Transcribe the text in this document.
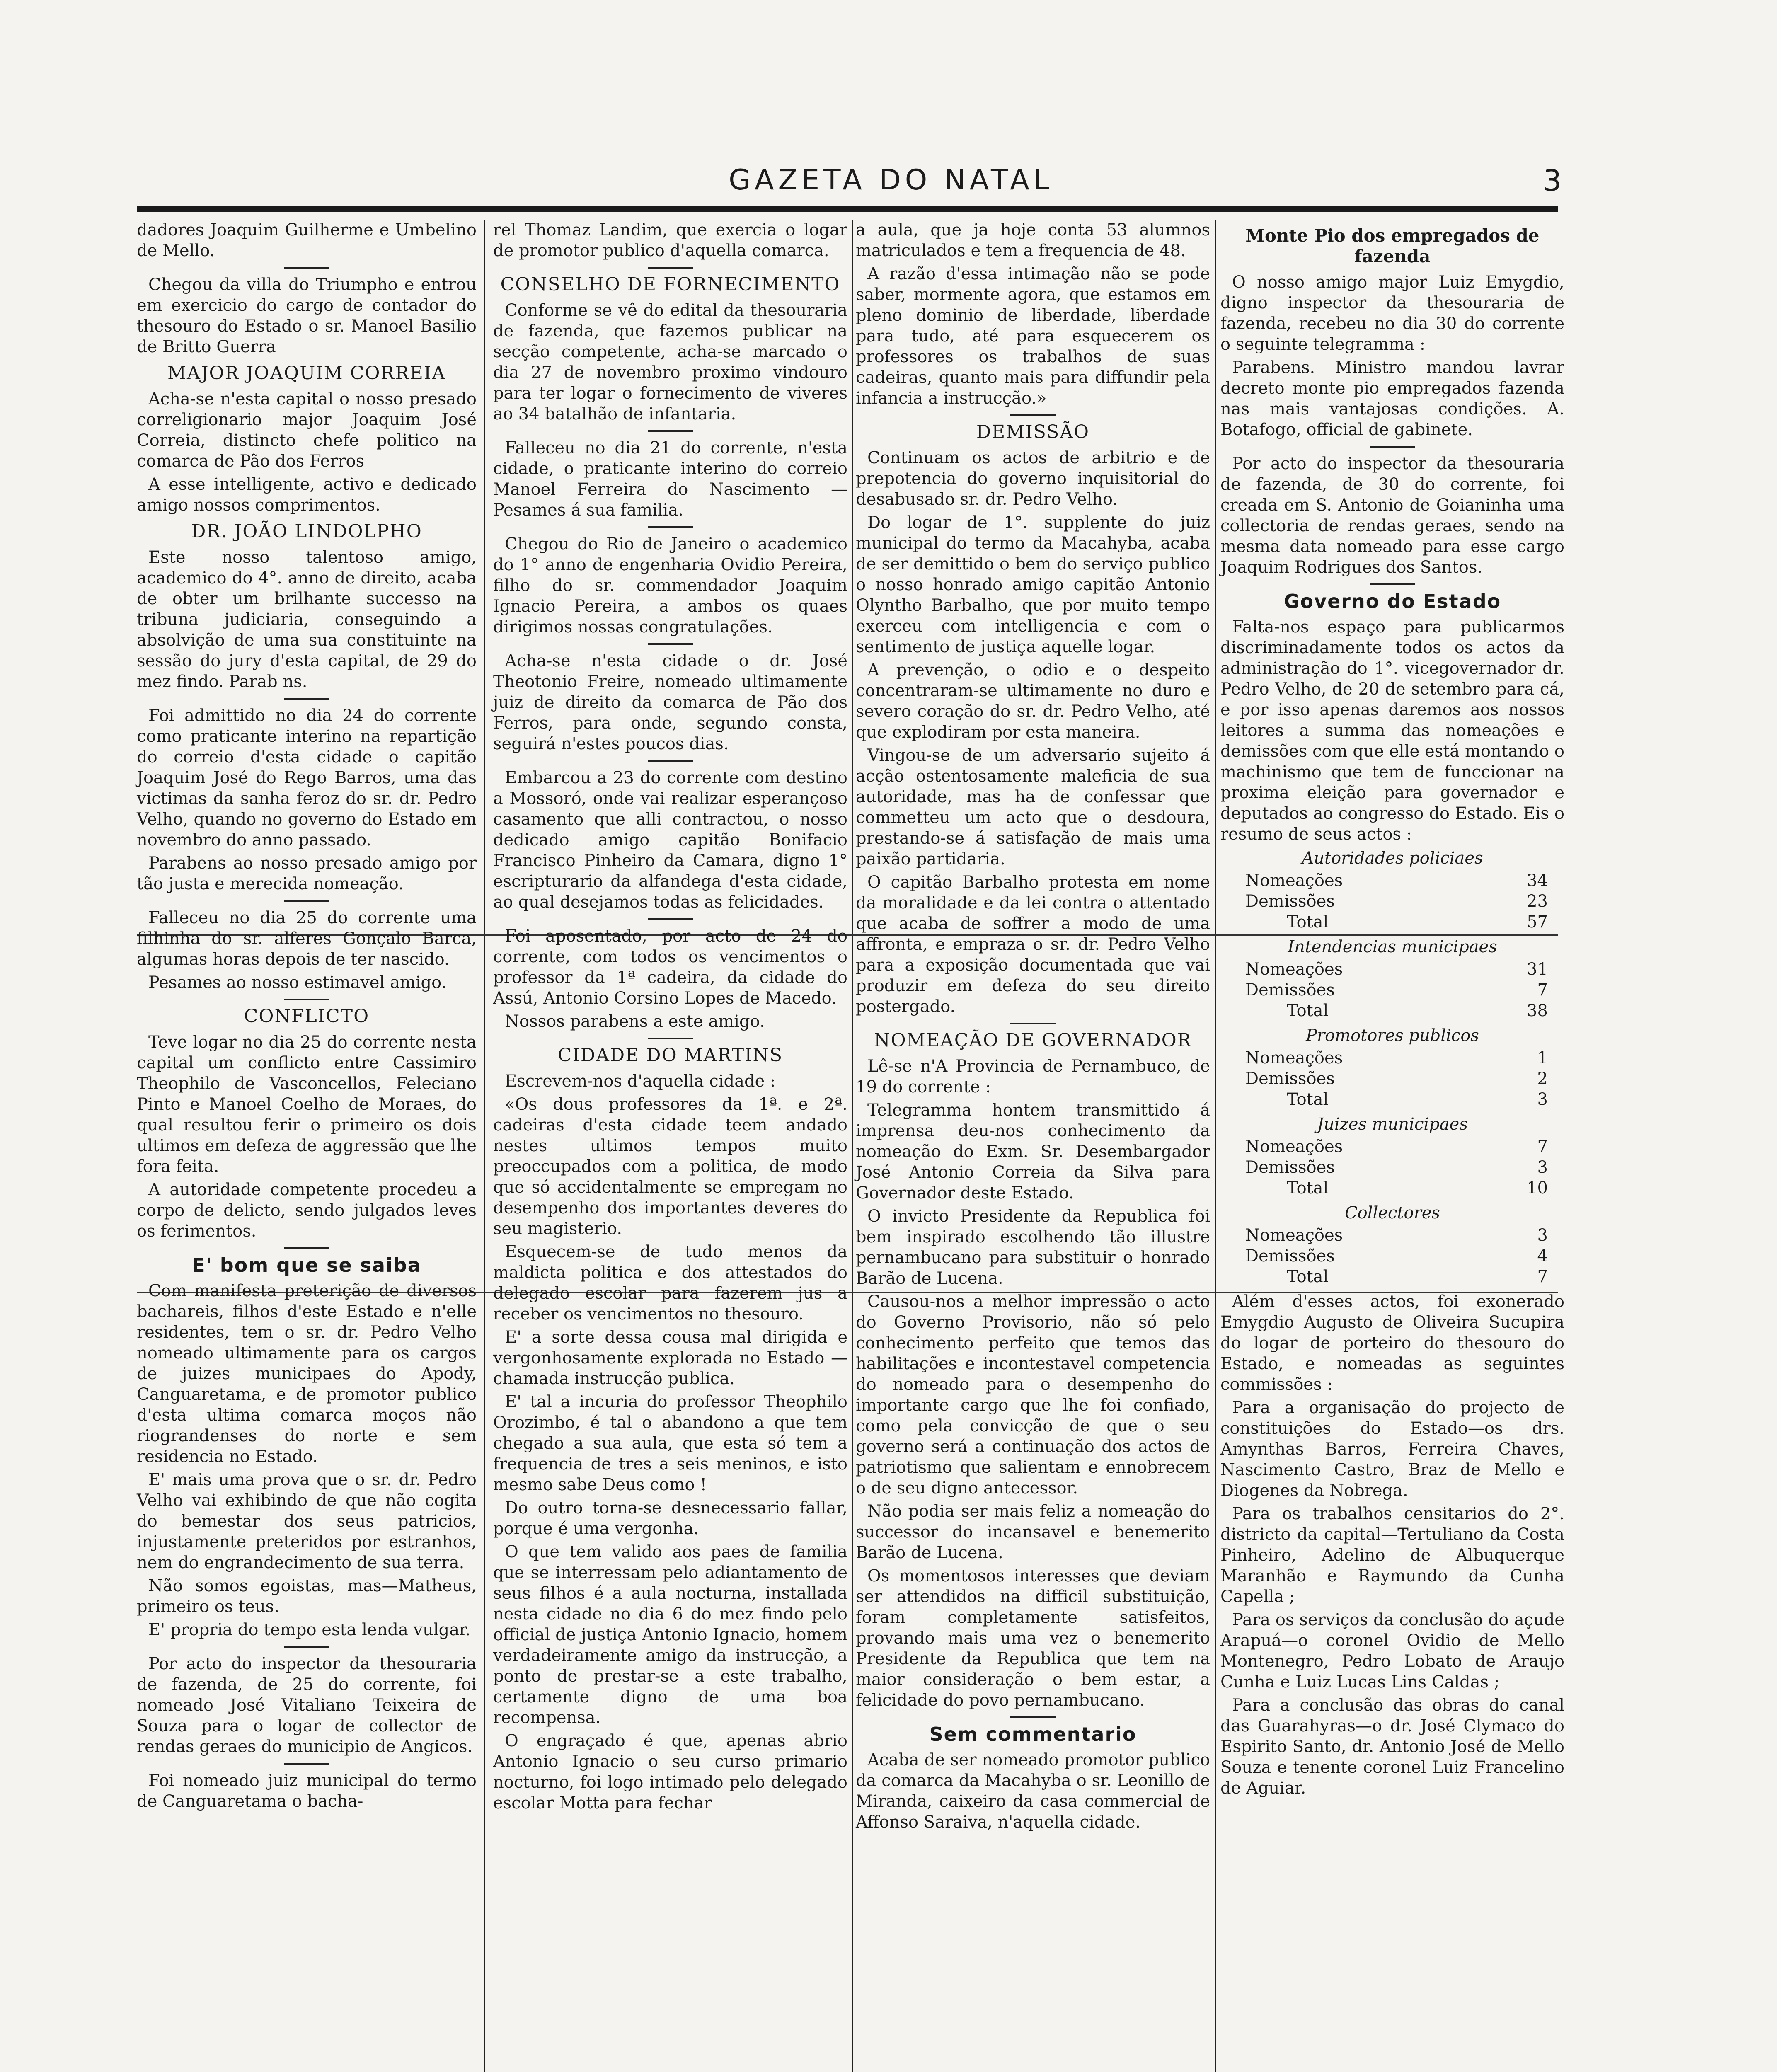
GAZETA DO NATAL	3

dadores Joaquim Guilherme e Umbelino de Mello.

Chegou da villa do Triumpho e entrou em exercicio do cargo de contador do thesouro do Estado o sr. Manoel Basilio de Britto Guerra

MAJOR JOAQUIM CORREIA

Acha-se n'esta capital o nosso presado correligionario major Joaquim José Correia, distincto chefe politico na comarca de Pão dos Ferros

A esse intelligente, activo e dedicado amigo nossos comprimentos.

DR. JOÃO LINDOLPHO

Este nosso talentoso amigo, academico do 4°. anno de direito, acaba de obter um brilhante successo na tribuna judiciaria, conseguindo a absolvição de uma sua constituinte na sessão do jury d'esta capital, de 29 do mez findo. Parab ns.

Foi admittido no dia 24 do corrente como praticante interino na repartição do correio d'esta cidade o capitão Joaquim José do Rego Barros, uma das victimas da sanha feroz do sr. dr. Pedro Velho, quando no governo do Estado em novembro do anno passado.

Parabens ao nosso presado amigo por tão justa e merecida nomeação.

Falleceu no dia 25 do corrente uma filhinha do sr. alferes Gonçalo Barca, algumas horas depois de ter nascido.

Pesames ao nosso estimavel amigo.

CONFLICTO

Teve logar no dia 25 do corrente nesta capital um conflicto entre Cassimiro Theophilo de Vasconcellos, Feleciano Pinto e Manoel Coelho de Moraes, do qual resultou ferir o primeiro os dois ultimos em defeza de aggressão que lhe fora feita.

A autoridade competente procedeu a corpo de delicto, sendo julgados leves os ferimentos.

E' bom que se saiba

Com manifesta preterição de diversos bachareis, filhos d'este Estado e n'elle residentes, tem o sr. dr. Pedro Velho nomeado ultimamente para os cargos de juizes municipaes do Apody, Canguaretama, e de promotor publico d'esta ultima comarca moços não riograndenses do norte e sem residencia no Estado.

E' mais uma prova que o sr. dr. Pedro Velho vai exhibindo de que não cogita do bemestar dos seus patricios, injustamente preteridos por estranhos, nem do engrandecimento de sua terra.

Não somos egoistas, mas—Matheus, primeiro os teus.

E' propria do tempo esta lenda vulgar.

Por acto do inspector da thesouraria de fazenda, de 25 do corrente, foi nomeado José Vitaliano Teixeira de Souza para o logar de collector de rendas geraes do municipio de Angicos.

Foi nomeado juiz municipal do termo de Canguaretama o bacha-

rel Thomaz Landim, que exercia o logar de promotor publico d'aquella comarca.

CONSELHO DE FORNECIMENTO

Conforme se vê do edital da thesouraria de fazenda, que fazemos publicar na secção competente, acha-se marcado o dia 27 de novembro proximo vindouro para ter logar o fornecimento de viveres ao 34 batalhão de infantaria.

Falleceu no dia 21 do corrente, n'esta cidade, o praticante interino do correio Manoel Ferreira do Nascimento — Pesames á sua familia.

Chegou do Rio de Janeiro o academico do 1° anno de engenharia Ovidio Pereira, filho do sr. commendador Joaquim Ignacio Pereira, a ambos os quaes dirigimos nossas congratulações.

Acha-se n'esta cidade o dr. José Theotonio Freire, nomeado ultimamente juiz de direito da comarca de Pão dos Ferros, para onde, segundo consta, seguirá n'estes poucos dias.

Embarcou a 23 do corrente com destino a Mossoró, onde vai realizar esperançoso casamento que alli contractou, o nosso dedicado amigo capitão Bonifacio Francisco Pinheiro da Camara, digno 1° escripturario da alfandega d'esta cidade, ao qual desejamos todas as felicidades.

Foi aposentado, por acto de 24 do corrente, com todos os vencimentos o professor da 1ª cadeira, da cidade do Assú, Antonio Corsino Lopes de Macedo.

Nossos parabens a este amigo.

CIDADE DO MARTINS

Escrevem-nos d'aquella cidade :

«Os dous professores da 1ª. e 2ª. cadeiras d'esta cidade teem andado nestes ultimos tempos muito preoccupados com a politica, de modo que só accidentalmente se empregam no desempenho dos importantes deveres do seu magisterio.

Esquecem-se de tudo menos da maldicta politica e dos attestados do delegado escolar para fazerem jus a receber os vencimentos no thesouro.

E' a sorte dessa cousa mal dirigida e vergonhosamente explorada no Estado — chamada instrucção publica.

E' tal a incuria do professor Theophilo Orozimbo, é tal o abandono a que tem chegado a sua aula, que esta só tem a frequencia de tres a seis meninos, e isto mesmo sabe Deus como !

Do outro torna-se desnecessario fallar, porque é uma vergonha.

O que tem valido aos paes de familia que se interressam pelo adiantamento de seus filhos é a aula nocturna, installada nesta cidade no dia 6 do mez findo pelo official de justiça Antonio Ignacio, homem verdadeiramente amigo da instrucção, a ponto de prestar-se a este trabalho, certamente digno de uma boa recompensa.

O engraçado é que, apenas abrio Antonio Ignacio o seu curso primario nocturno, foi logo intimado pelo delegado escolar Motta para fechar

a aula, que ja hoje conta 53 alumnos matriculados e tem a frequencia de 48.

A razão d'essa intimação não se pode saber, mormente agora, que estamos em pleno dominio de liberdade, liberdade para tudo, até para esquecerem os professores os trabalhos de suas cadeiras, quanto mais para diffundir pela infancia a instrucção.»

DEMISSÃO

Continuam os actos de arbitrio e de prepotencia do governo inquisitorial do desabusado sr. dr. Pedro Velho.

Do logar de 1°. supplente do juiz municipal do termo da Macahyba, acaba de ser demittido o bem do serviço publico o nosso honrado amigo capitão Antonio Olyntho Barbalho, que por muito tempo exerceu com intelligencia e com o sentimento de justiça aquelle logar.

A prevenção, o odio e o despeito concentraram-se ultimamente no duro e severo coração do sr. dr. Pedro Velho, até que explodiram por esta maneira.

Vingou-se de um adversario sujeito á acção ostentosamente maleficia de sua autoridade, mas ha de confessar que commetteu um acto que o desdoura, prestando-se á satisfação de mais uma paixão partidaria.

O capitão Barbalho protesta em nome da moralidade e da lei contra o attentado que acaba de soffrer a modo de uma affronta, e empraza o sr. dr. Pedro Velho para a exposição documentada que vai produzir em defeza do seu direito postergado.

NOMEAÇÃO DE GOVERNADOR

Lê-se n'A Provincia de Pernambuco, de 19 do corrente :

Telegramma hontem transmittido á imprensa deu-nos conhecimento da nomeação do Exm. Sr. Desembargador José Antonio Correia da Silva para Governador deste Estado.

O invicto Presidente da Republica foi bem inspirado escolhendo tão illustre pernambucano para substituir o honrado Barão de Lucena.

Causou-nos a melhor impressão o acto do Governo Provisorio, não só pelo conhecimento perfeito que temos das habilitações e incontestavel competencia do nomeado para o desempenho do importante cargo que lhe foi confiado, como pela convicção de que o seu governo será a continuação dos actos de patriotismo que salientam e ennobrecem o de seu digno antecessor.

Não podia ser mais feliz a nomeação do successor do incansavel e benemerito Barão de Lucena.

Os momentosos interesses que deviam ser attendidos na difficil substituição, foram completamente satisfeitos, provando mais uma vez o benemerito Presidente da Republica que tem na maior consideração o bem estar, a felicidade do povo pernambucano.

Sem commentario

Acaba de ser nomeado promotor publico da comarca da Macahyba o sr. Leonillo de Miranda, caixeiro da casa commercial de Affonso Saraiva, n'aquella cidade.

Monte Pio dos empregados de fazenda

O nosso amigo major Luiz Emygdio, digno inspector da thesouraria de fazenda, recebeu no dia 30 do corrente o seguinte telegramma :

Parabens. Ministro mandou lavrar decreto monte pio empregados fazenda nas mais vantajosas condições. A. Botafogo, official de gabinete.

Por acto do inspector da thesouraria de fazenda, de 30 do corrente, foi creada em S. Antonio de Goianinha uma collectoria de rendas geraes, sendo na mesma data nomeado para esse cargo Joaquim Rodrigues dos Santos.

Governo do Estado

Falta-nos espaço para publicarmos discriminadamente todos os actos da administração do 1°. vicegovernador dr. Pedro Velho, de 20 de setembro para cá, e por isso apenas daremos aos nossos leitores a summa das nomeações e demissões com que elle está montando o machinismo que tem de funccionar na proxima eleição para governador e deputados ao congresso do Estado. Eis o resumo de seus actos :

Autoridades policiaes
Nomeações	34
Demissões	23
Total	57
Intendencias municipaes
Nomeações	31
Demissões	7
Total	38
Promotores publicos
Nomeações	1
Demissões	2
Total	3
Juizes municipaes
Nomeações	7
Demissões	3
Total	10
Collectores
Nomeações	3
Demissões	4
Total	7

Além d'esses actos, foi exonerado Emygdio Augusto de Oliveira Sucupira do logar de porteiro do thesouro do Estado, e nomeadas as seguintes commissões :

Para a organisação do projecto de constituições do Estado—os drs. Amynthas Barros, Ferreira Chaves, Nascimento Castro, Braz de Mello e Diogenes da Nobrega.

Para os trabalhos censitarios do 2°. districto da capital—Tertuliano da Costa Pinheiro, Adelino de Albuquerque Maranhão e Raymundo da Cunha Capella ;

Para os serviços da conclusão do açude Arapuá—o coronel Ovidio de Mello Montenegro, Pedro Lobato de Araujo Cunha e Luiz Lucas Lins Caldas ;

Para a conclusão das obras do canal das Guarahyras—o dr. José Clymaco do Espirito Santo, dr. Antonio José de Mello Souza e tenente coronel Luiz Francelino de Aguiar.
